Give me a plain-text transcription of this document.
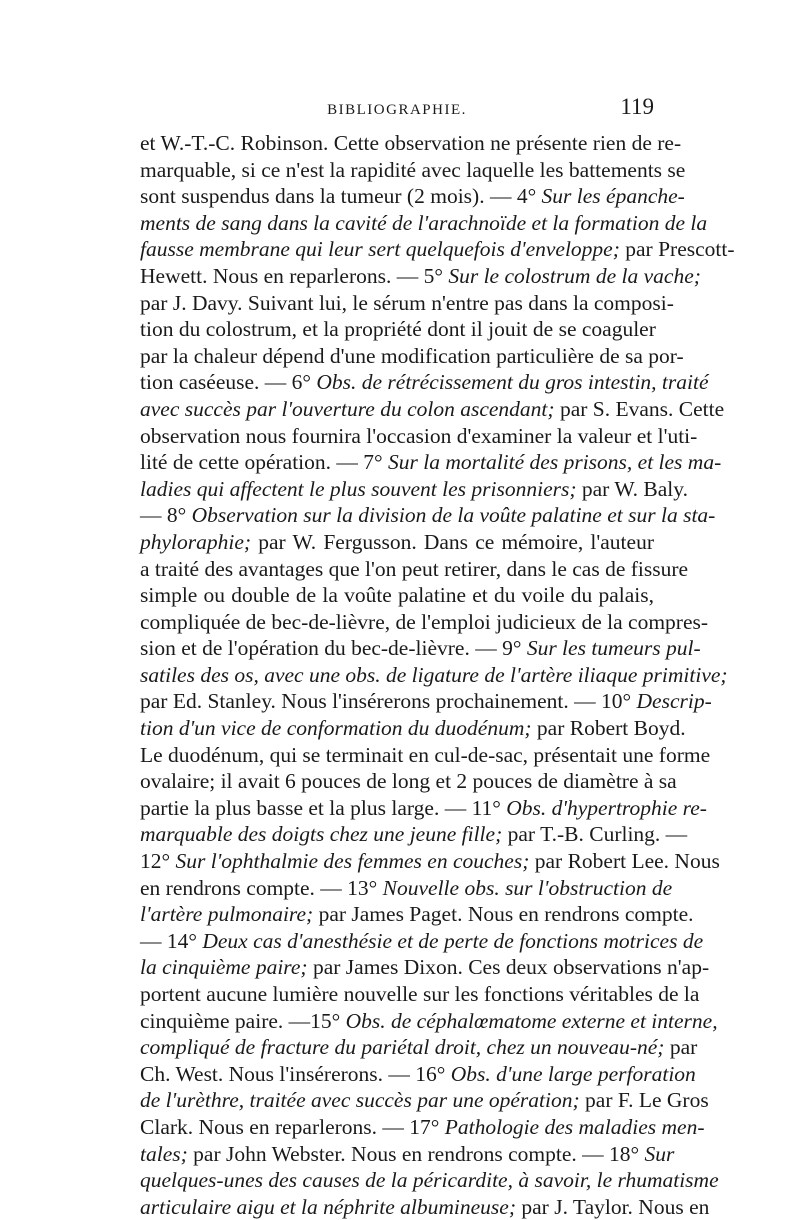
BIBLIOGRAPHIE.	119
et W.-T.-C. Robinson. Cette observation ne présente rien de re-
marquable, si ce n'est la rapidité avec laquelle les battements se
sont suspendus dans la tumeur (2 mois). — 4° Sur les épanche-
ments de sang dans la cavité de l'arachnoïde et la formation de la
fausse membrane qui leur sert quelquefois d'enveloppe; par Prescott-
Hewett. Nous en reparlerons. — 5° Sur le colostrum de la vache;
par J. Davy. Suivant lui, le sérum n'entre pas dans la composi-
tion du colostrum, et la propriété dont il jouit de se coaguler
par la chaleur dépend d'une modification particulière de sa por-
tion caséeuse. — 6° Obs. de rétrécissement du gros intestin, traité
avec succès par l'ouverture du colon ascendant; par S. Evans. Cette
observation nous fournira l'occasion d'examiner la valeur et l'uti-
lité de cette opération. — 7° Sur la mortalité des prisons, et les ma-
ladies qui affectent le plus souvent les prisonniers; par W. Baly.
— 8° Observation sur la division de la voûte palatine et sur la sta-
phyloraphie; par W. Fergusson. Dans ce mémoire, l'auteur
a traité des avantages que l'on peut retirer, dans le cas de fissure
simple ou double de la voûte palatine et du voile du palais,
compliquée de bec-de-lièvre, de l'emploi judicieux de la compres-
sion et de l'opération du bec-de-lièvre. — 9° Sur les tumeurs pul-
satiles des os, avec une obs. de ligature de l'artère iliaque primitive;
par Ed. Stanley. Nous l'insérerons prochainement. — 10° Descrip-
tion d'un vice de conformation du duodénum; par Robert Boyd.
Le duodénum, qui se terminait en cul-de-sac, présentait une forme
ovalaire; il avait 6 pouces de long et 2 pouces de diamètre à sa
partie la plus basse et la plus large. — 11° Obs. d'hypertrophie re-
marquable des doigts chez une jeune fille; par T.-B. Curling. —
12° Sur l'ophthalmie des femmes en couches; par Robert Lee. Nous
en rendrons compte. — 13° Nouvelle obs. sur l'obstruction de
l'artère pulmonaire; par James Paget. Nous en rendrons compte.
— 14° Deux cas d'anesthésie et de perte de fonctions motrices de
la cinquième paire; par James Dixon. Ces deux observations n'ap-
portent aucune lumière nouvelle sur les fonctions véritables de la
cinquième paire. —15° Obs. de céphalœmatome externe et interne,
compliqué de fracture du pariétal droit, chez un nouveau-né; par
Ch. West. Nous l'insérerons. — 16° Obs. d'une large perforation
de l'urèthre, traitée avec succès par une opération; par F. Le Gros
Clark. Nous en reparlerons. — 17° Pathologie des maladies men-
tales; par John Webster. Nous en rendrons compte. — 18° Sur
quelques-unes des causes de la péricardite, à savoir, le rhumatisme
articulaire aigu et la néphrite albumineuse; par J. Taylor. Nous en
